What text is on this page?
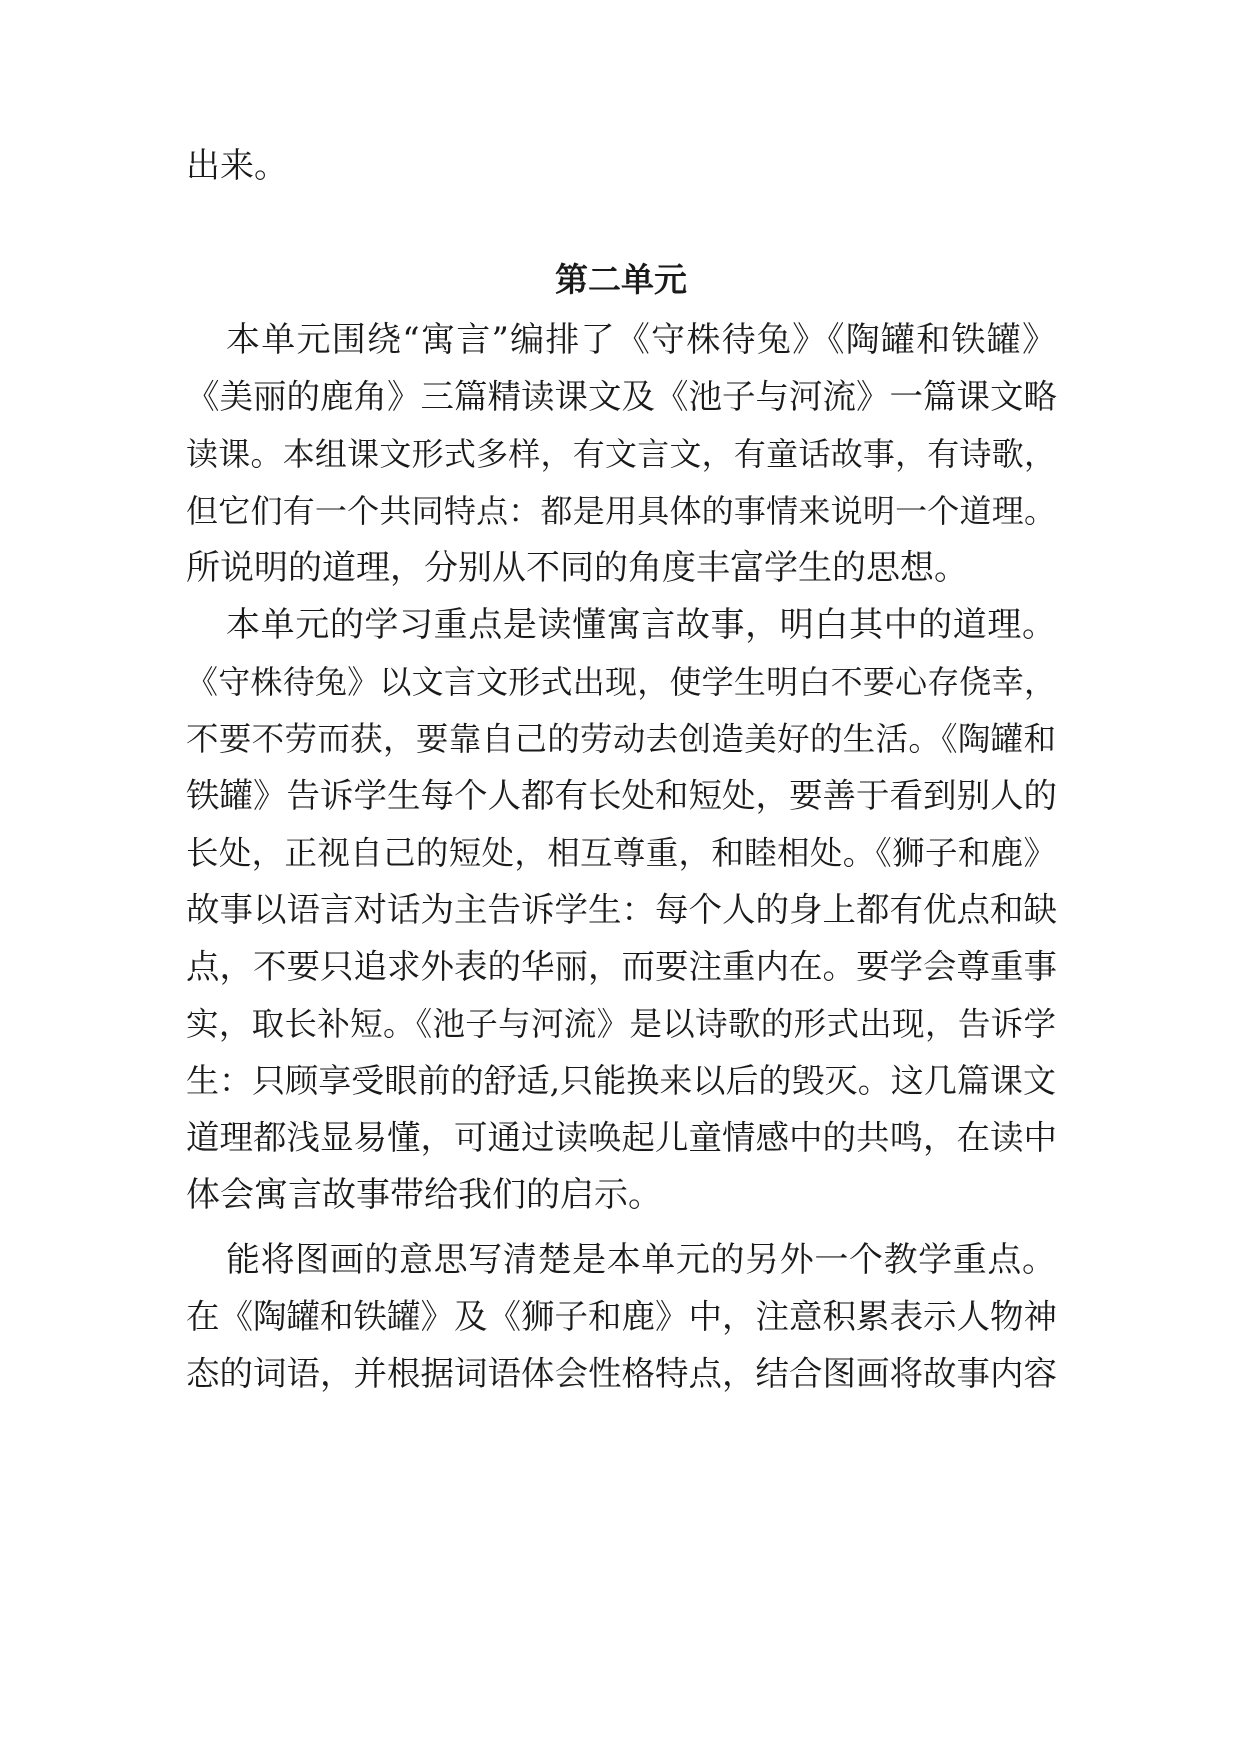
出来。
第二单元
本单元围绕“寓言”编排了《守株待兔》《陶罐和铁罐》
《美丽的鹿角》三篇精读课文及《池子与河流》一篇课文略
读课。本组课文形式多样，有文言文，有童话故事，有诗歌，
但它们有一个共同特点：都是用具体的事情来说明一个道理。
所说明的道理，分别从不同的角度丰富学生的思想。
本单元的学习重点是读懂寓言故事，明白其中的道理。
《守株待兔》以文言文形式出现，使学生明白不要心存侥幸，
不要不劳而获，要靠自己的劳动去创造美好的生活。《陶罐和
铁罐》告诉学生每个人都有长处和短处，要善于看到别人的
长处，正视自己的短处，相互尊重，和睦相处。《狮子和鹿》
故事以语言对话为主告诉学生：每个人的身上都有优点和缺
点，不要只追求外表的华丽，而要注重内在。要学会尊重事
实，取长补短。《池子与河流》是以诗歌的形式出现，告诉学
生：只顾享受眼前的舒适,只能换来以后的毁灭。这几篇课文
道理都浅显易懂，可通过读唤起儿童情感中的共鸣，在读中
体会寓言故事带给我们的启示。
能将图画的意思写清楚是本单元的另外一个教学重点。
在《陶罐和铁罐》及《狮子和鹿》中，注意积累表示人物神
态的词语，并根据词语体会性格特点，结合图画将故事内容
